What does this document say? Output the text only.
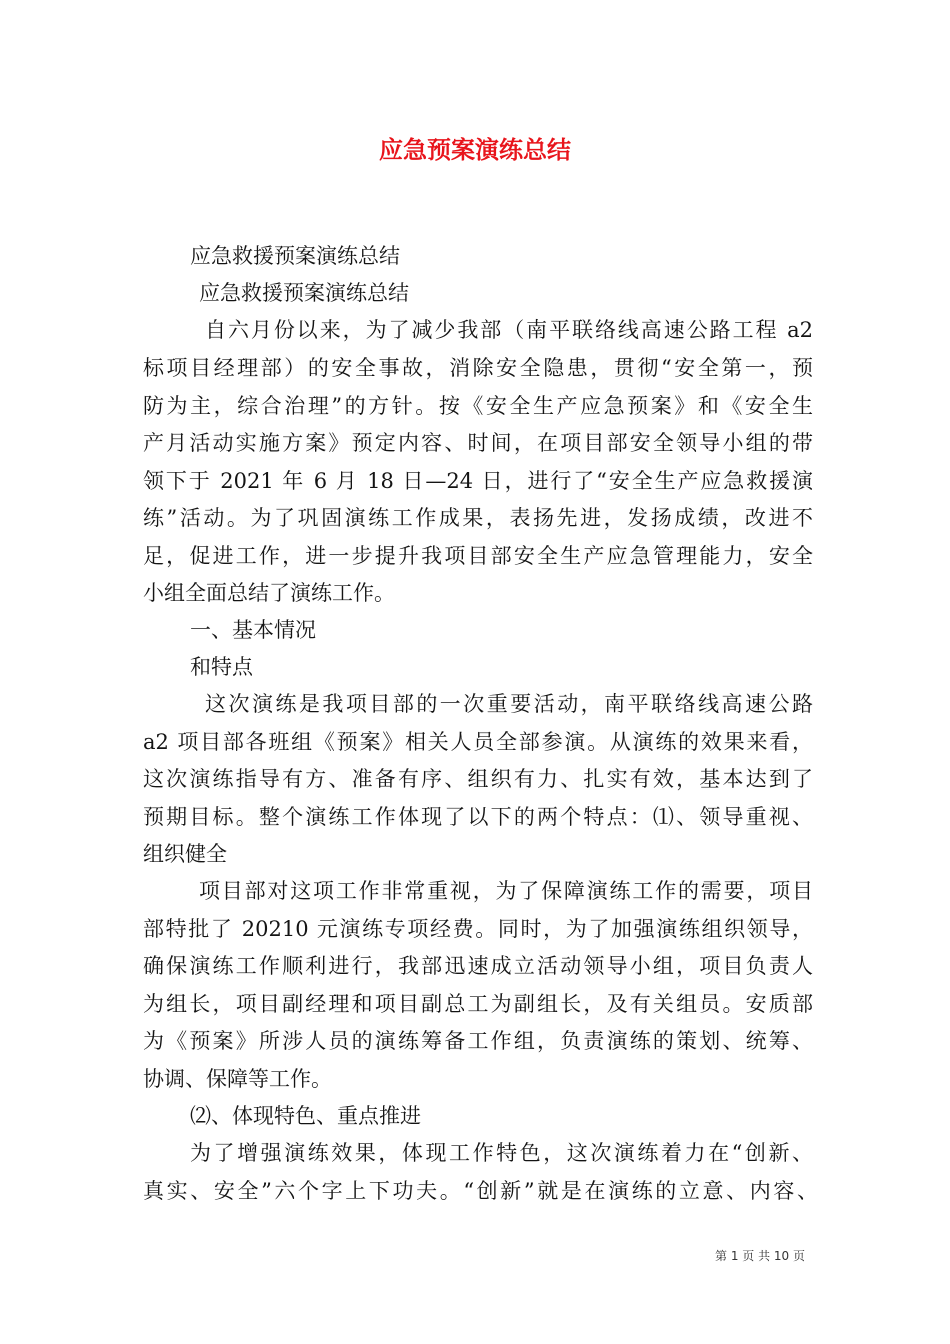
应急预案演练总结
应急救援预案演练总结
应急救援预案演练总结
自六月份以来，为了减少我部（南平联络线高速公路工程 a2
标项目经理部）的安全事故，消除安全隐患，贯彻“安全第一，预
防为主，综合治理”的方针。按《安全生产应急预案》和《安全生
产月活动实施方案》预定内容、时间，在项目部安全领导小组的带
领下于 2021 年 6 月 18 日—24 日，进行了“安全生产应急救援演
练”活动。为了巩固演练工作成果，表扬先进，发扬成绩，改进不
足，促进工作，进一步提升我项目部安全生产应急管理能力，安全
小组全面总结了演练工作。
一、基本情况
和特点
这次演练是我项目部的一次重要活动，南平联络线高速公路
a2 项目部各班组《预案》相关人员全部参演。从演练的效果来看，
这次演练指导有方、准备有序、组织有力、扎实有效，基本达到了
预期目标。整个演练工作体现了以下的两个特点：⑴、领导重视、
组织健全
项目部对这项工作非常重视，为了保障演练工作的需要，项目
部特批了 20210 元演练专项经费。同时，为了加强演练组织领导，
确保演练工作顺利进行，我部迅速成立活动领导小组，项目负责人
为组长，项目副经理和项目副总工为副组长，及有关组员。安质部
为《预案》所涉人员的演练筹备工作组，负责演练的策划、统筹、
协调、保障等工作。
⑵、体现特色、重点推进
为了增强演练效果，体现工作特色，这次演练着力在“创新、
真实、安全”六个字上下功夫。“创新”就是在演练的立意、内容、
第 1 页 共 10 页
